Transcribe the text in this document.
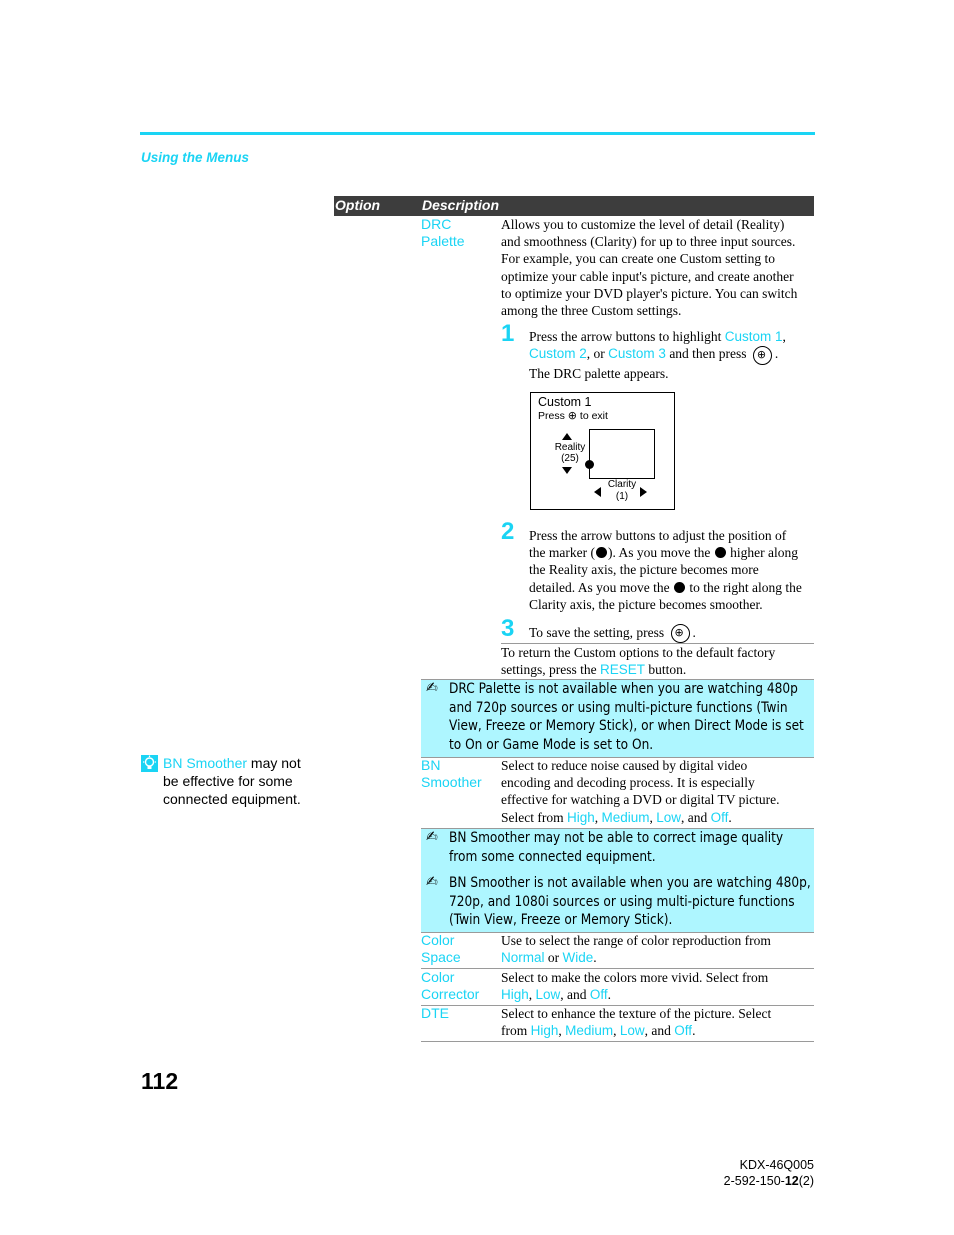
Using the Menus
Option	Description
DRC
Palette
Allows you to customize the level of detail (Reality)
and smoothness (Clarity) for up to three input sources.
For example, you can create one Custom setting to
optimize your cable input's picture, and create another
to optimize your DVD player's picture. You can switch
among the three Custom settings.
1 Press the arrow buttons to highlight Custom 1,
Custom 2, or Custom 3 and then press ⊕ .
The DRC palette appears.
Custom 1
Press ⊕ to exit
Reality
(25)
Clarity
(1)
2 Press the arrow buttons to adjust the position of
the marker ( ). As you move the higher along
the Reality axis, the picture becomes more
detailed. As you move the to the right along the
Clarity axis, the picture becomes smoother.
3 To save the setting, press ⊕ .
To return the Custom options to the default factory
settings, press the RESET button.
✍ DRC Palette is not available when you are watching 480p
and 720p sources or using multi-picture functions (Twin
View, Freeze or Memory Stick), or when Direct Mode is set
to On or Game Mode is set to On.
BN
Smoother
Select to reduce noise caused by digital video
encoding and decoding process. It is especially
effective for watching a DVD or digital TV picture.
Select from High, Medium, Low, and Off.
✍ BN Smoother may not be able to correct image quality
from some connected equipment.
✍ BN Smoother is not available when you are watching 480p,
720p, and 1080i sources or using multi-picture functions
(Twin View, Freeze or Memory Stick).
Color
Space
Use to select the range of color reproduction from
Normal or Wide.
Color
Corrector
Select to make the colors more vivid. Select from
High, Low, and Off.
DTE	Select to enhance the texture of the picture. Select
from High, Medium, Low, and Off.
BN Smoother may not
be effective for some
connected equipment.
112
KDX-46Q005
2-592-150-12(2)
